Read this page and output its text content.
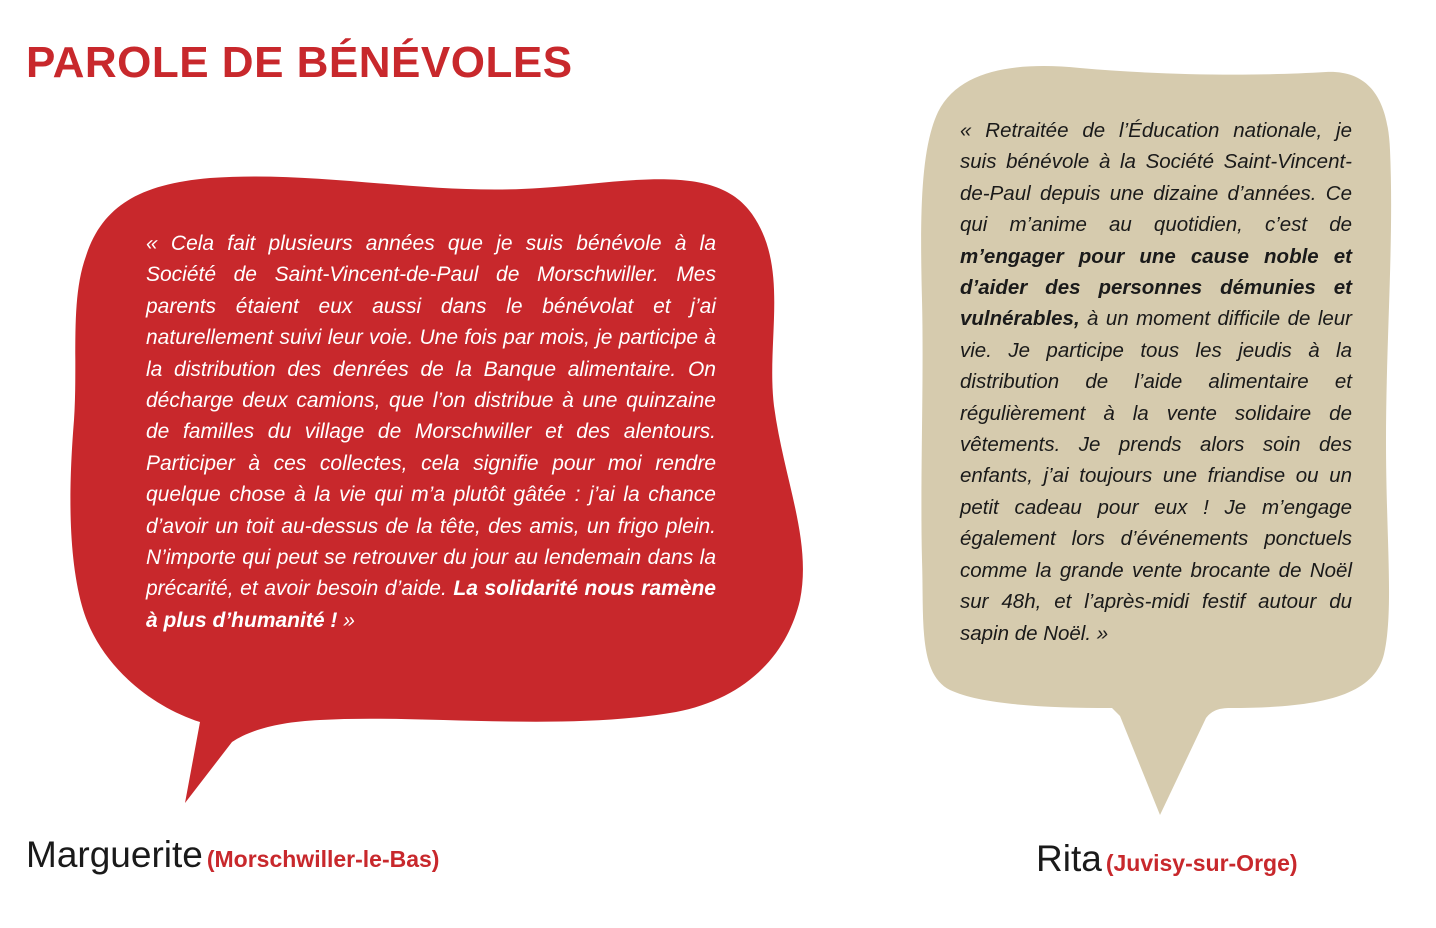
PAROLE DE BÉNÉVOLES

« Cela fait plusieurs années que je suis bénévole à la Société de Saint-Vincent-de-Paul de Morschwiller. Mes parents étaient eux aussi dans le bénévolat et j’ai naturellement suivi leur voie. Une fois par mois, je participe à la distribution des denrées de la Banque alimentaire. On décharge deux camions, que l’on distribue à une quinzaine de familles du village de Morschwiller et des alentours. Participer à ces collectes, cela signifie pour moi rendre quelque chose à la vie qui m’a plutôt gâtée : j’ai la chance d’avoir un toit au-dessus de la tête, des amis, un frigo plein. N’importe qui peut se retrouver du jour au lendemain dans la précarité, et avoir besoin d’aide. La solidarité nous ramène à plus d’humanité ! »

« Retraitée de l’Éducation nationale, je suis bénévole à la Société Saint-Vincent-de-Paul depuis une dizaine d’années. Ce qui m’anime au quotidien, c’est de m’engager pour une cause noble et d’aider des personnes démunies et vulnérables, à un moment difficile de leur vie. Je participe tous les jeudis à la distribution de l’aide alimentaire et régulièrement à la vente solidaire de vêtements. Je prends alors soin des enfants, j’ai toujours une friandise ou un petit cadeau pour eux ! Je m’engage également lors d’événements ponctuels comme la grande vente brocante de Noël sur 48h, et l’après-midi festif autour du sapin de Noël. »

Marguerite (Morschwiller-le-Bas)	Rita (Juvisy-sur-Orge)
